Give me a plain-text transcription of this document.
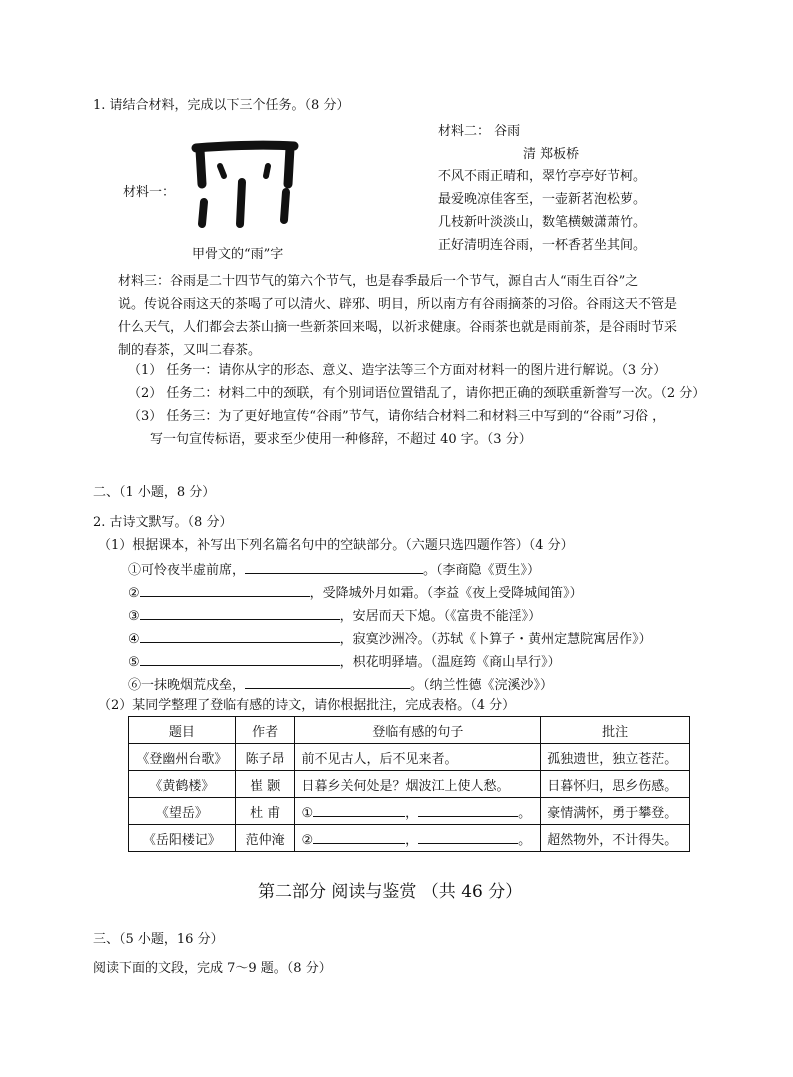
1. 请结合材料，完成以下三个任务。（8 分）
材料一：
甲骨文的“雨”字
材料二： 谷雨
清 郑板桥
不风不雨正晴和，翠竹亭亭好节柯。
最爱晚凉佳客至，一壶新茗泡松萝。
几枝新叶淡淡山，数笔横皴潇萧竹。
正好清明连谷雨，一杯香茗坐其间。
材料三：谷雨是二十四节气的第六个节气，也是春季最后一个节气，源自古人“雨生百谷”之
说。传说谷雨这天的茶喝了可以清火、辟邪、明目，所以南方有谷雨摘茶的习俗。谷雨这天不管是
什么天气，人们都会去茶山摘一些新茶回来喝，以祈求健康。谷雨茶也就是雨前茶，是谷雨时节采
制的春茶，又叫二春茶。
（1） 任务一：请你从字的形态、意义、造字法等三个方面对材料一的图片进行解说。（3 分）
（2） 任务二：材料二中的颈联，有个别词语位置错乱了，请你把正确的颈联重新誊写一次。（2 分）
（3） 任务三：为了更好地宣传“谷雨”节气，请你结合材料二和材料三中写到的“谷雨”习俗 ，
写一句宣传标语，要求至少使用一种修辞，不超过 40 字。（3 分）
二、（1 小题，8 分）
2. 古诗文默写。（8 分）
（1）根据课本，补写出下列名篇名句中的空缺部分。（六题只选四题作答）（4 分）
①可怜夜半虚前席，	。（李商隐《贾生》）
②	，受降城外月如霜。（李益《夜上受降城闻笛》）
③	，安居而天下熄。（《富贵不能淫》）
④	，寂寞沙洲冷。（苏轼《卜算子・黄州定慧院寓居作》）
⑤	，枳花明驿墙。（温庭筠《商山早行》）
⑥一抹晚烟荒戍垒，	。（纳兰性德《浣溪沙》）
（2）某同学整理了登临有感的诗文，请你根据批注，完成表格。（4 分）
题目	作者	登临有感的句子	批注
《登幽州台歌》	陈子昂	前不见古人，后不见来者。	孤独遗世，独立苍茫。
《黄鹤楼》	崔 颢	日暮乡关何处是？烟波江上使人愁。	日暮怀归，思乡伤感。
《望岳》	杜 甫	① ， 。	豪情满怀，勇于攀登。
《岳阳楼记》	范仲淹	② ， 。	超然物外，不计得失。
第二部分 阅读与鉴赏 （共 46 分）
三、（5 小题，16 分）
阅读下面的文段，完成 7～9 题。（8 分）
